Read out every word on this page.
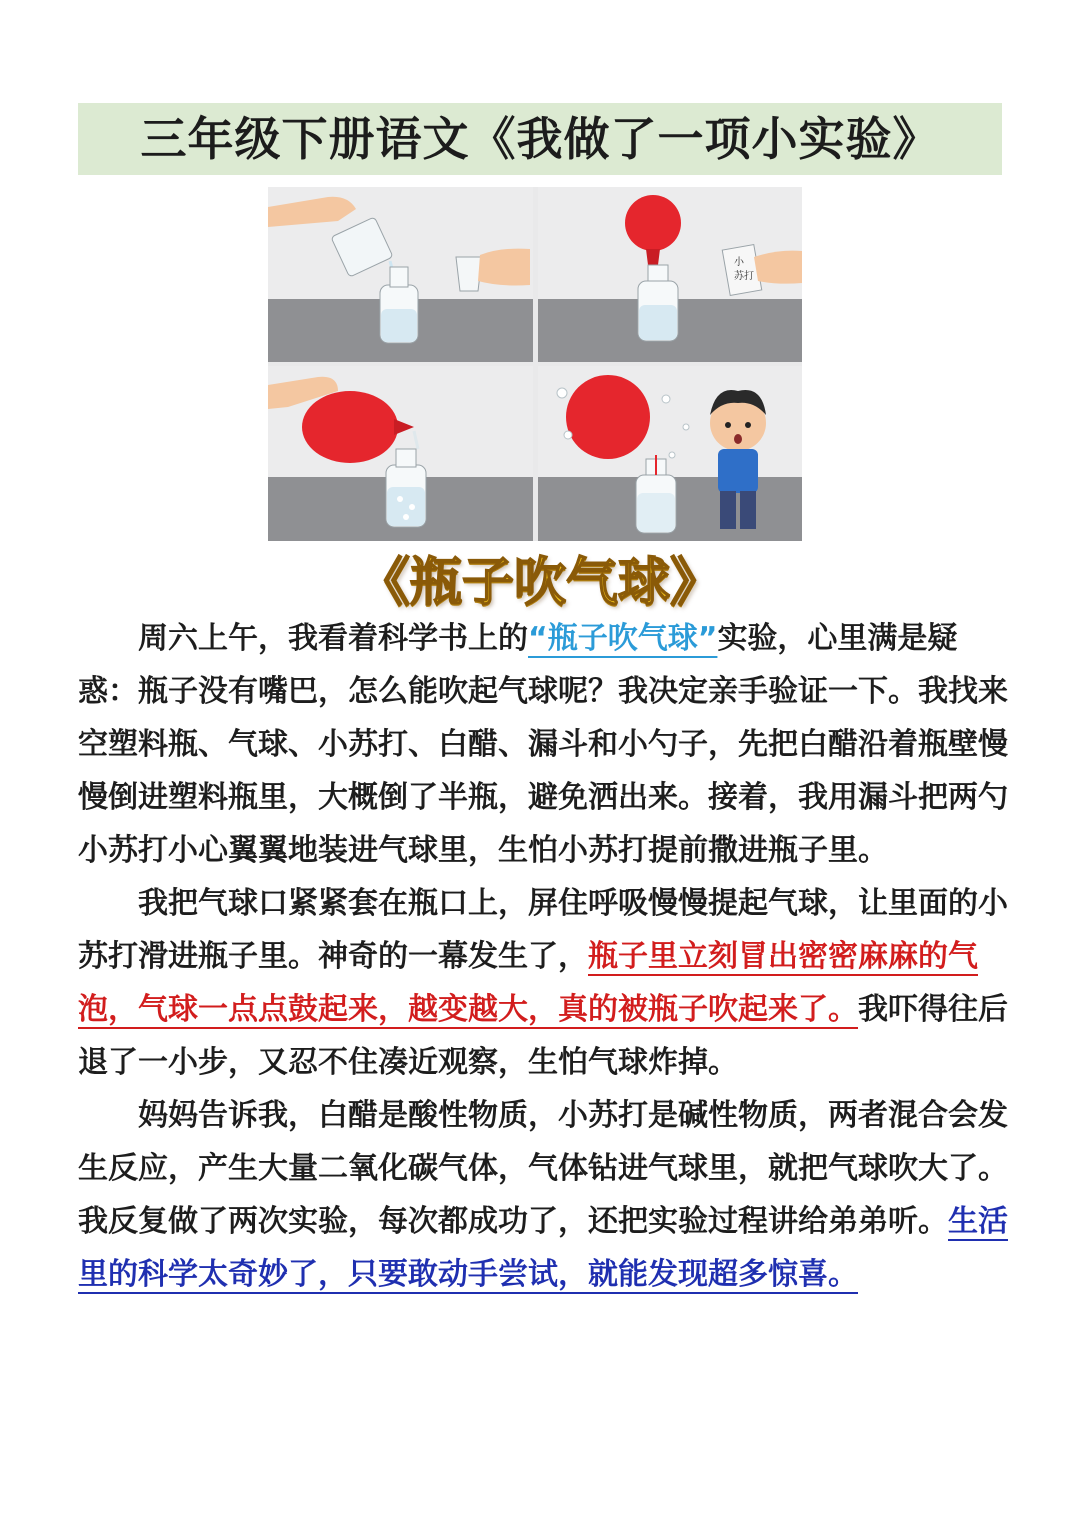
三年级下册语文《我做了一项小实验》
小
苏打
《瓶子吹气球》

周六上午，我看着科学书上的“瓶子吹气球”实验，心里满是疑惑：瓶子没有嘴巴，怎么能吹起气球呢？我决定亲手验证一下。我找来空塑料瓶、气球、小苏打、白醋、漏斗和小勺子，先把白醋沿着瓶壁慢慢倒进塑料瓶里，大概倒了半瓶，避免洒出来。接着，我用漏斗把两勺小苏打小心翼翼地装进气球里，生怕小苏打提前撒进瓶子里。

我把气球口紧紧套在瓶口上，屏住呼吸慢慢提起气球，让里面的小苏打滑进瓶子里。神奇的一幕发生了，瓶子里立刻冒出密密麻麻的气泡，气球一点点鼓起来，越变越大，真的被瓶子吹起来了。我吓得往后退了一小步，又忍不住凑近观察，生怕气球炸掉。

妈妈告诉我，白醋是酸性物质，小苏打是碱性物质，两者混合会发生反应，产生大量二氧化碳气体，气体钻进气球里，就把气球吹大了。我反复做了两次实验，每次都成功了，还把实验过程讲给弟弟听。生活里的科学太奇妙了，只要敢动手尝试，就能发现超多惊喜。
